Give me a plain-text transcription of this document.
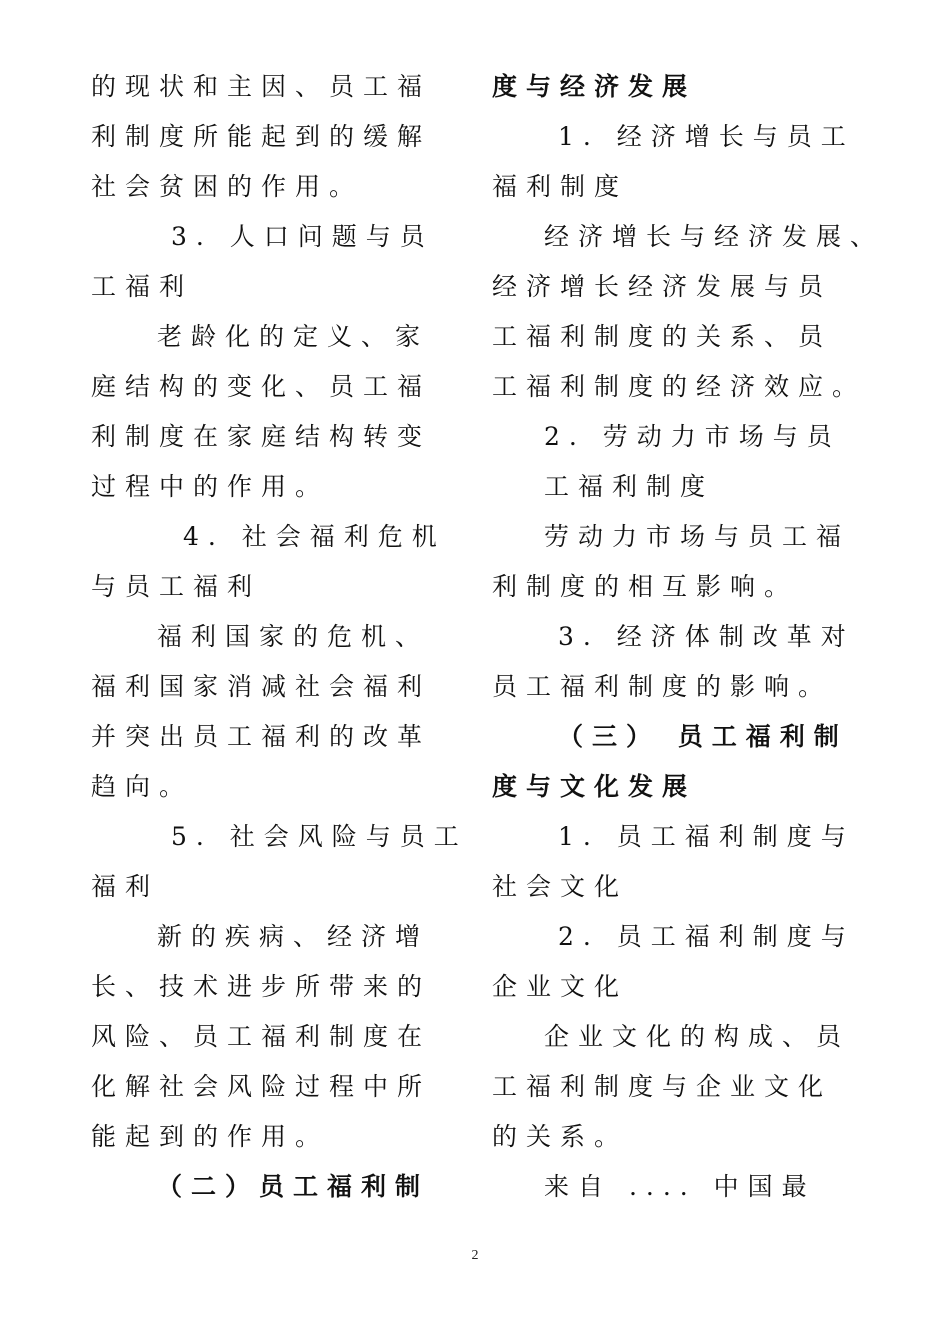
的现状和主因、员工福
利制度所能起到的缓解
社会贫困的作用。
3. 人口问题与员
工福利
老龄化的定义、家
庭结构的变化、员工福
利制度在家庭结构转变
过程中的作用。
4. 社会福利危机
与员工福利
福利国家的危机、
福利国家消减社会福利
并突出员工福利的改革
趋向。
5. 社会风险与员工
福利
新的疾病、经济增
长、技术进步所带来的
风险、员工福利制度在
化解社会风险过程中所
能起到的作用。
（二）员工福利制
度与经济发展
1. 经济增长与员工
福利制度
经济增长与经济发展、
经济增长经济发展与员
工福利制度的关系、员
工福利制度的经济效应。
2. 劳动力市场与员
工福利制度
劳动力市场与员工福
利制度的相互影响。
3. 经济体制改革对
员工福利制度的影响。
（三） 员工福利制
度与文化发展
1. 员工福利制度与
社会文化
2. 员工福利制度与
企业文化
企业文化的构成、员
工福利制度与企业文化
的关系。
来自 .... 中国最
2
